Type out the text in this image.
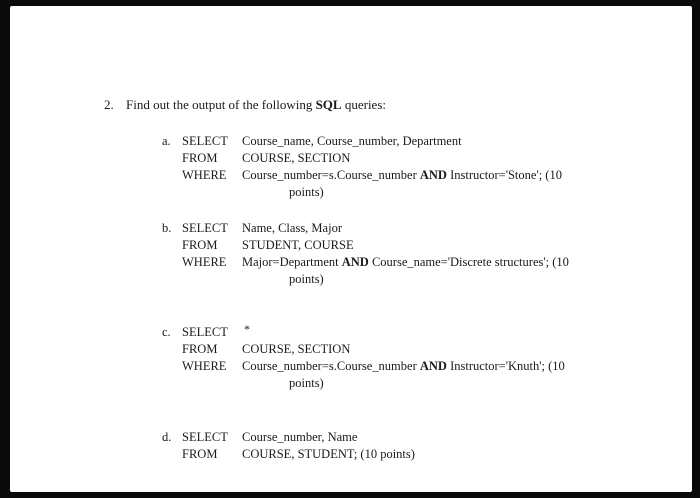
2. Find out the output of the following SQL queries:
a. SELECT Course_name, Course_number, Department
FROM COURSE, SECTION
WHERE Course_number=s.Course_number AND Instructor='Stone'; (10
points)
b. SELECT Name, Class, Major
FROM STUDENT, COURSE
WHERE Major=Department AND Course_name='Discrete structures'; (10
points)
c. SELECT *
FROM COURSE, SECTION
WHERE Course_number=s.Course_number AND Instructor='Knuth'; (10
points)
d. SELECT Course_number, Name
FROM COURSE, STUDENT; (10 points)
